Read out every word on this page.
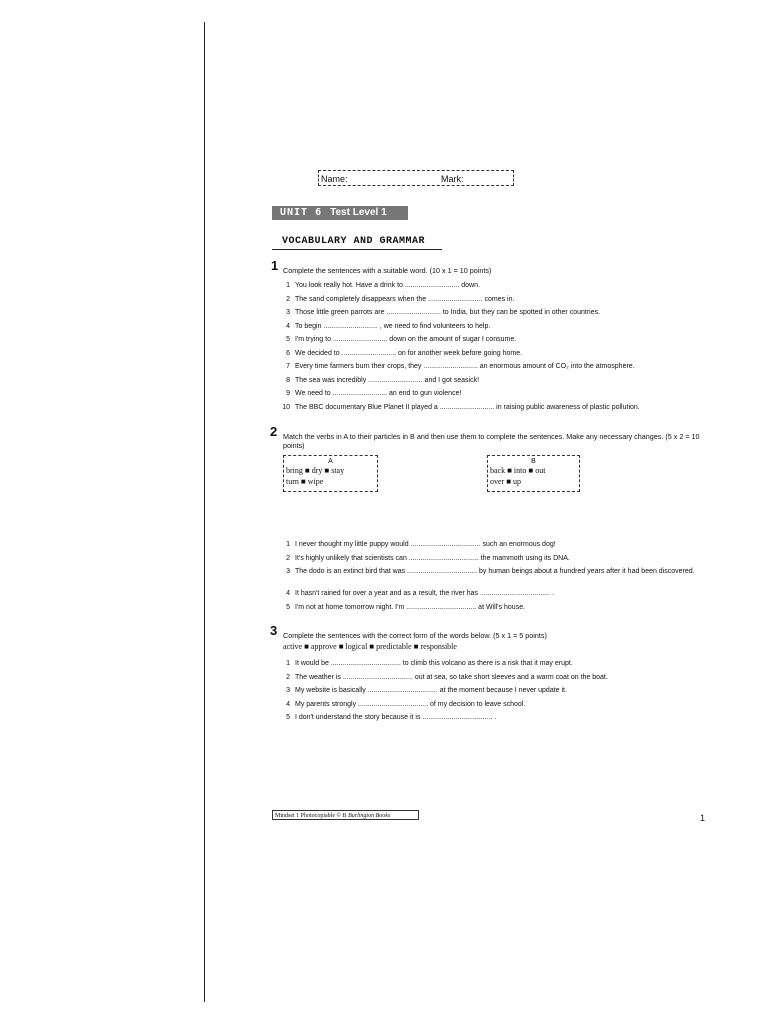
Name:	Mark:
UNIT 6 Test Level 1
VOCABULARY AND GRAMMAR
1 Complete the sentences with a suitable word. (10 x 1 = 10 points)
1 You look really hot. Have a drink to ............................ down.
2 The sand completely disappears when the ............................ comes in.
3 Those little green parrots are ............................ to India, but they can be spotted in other countries.
4 To begin ............................ , we need to find volunteers to help.
5 I'm trying to ............................ down on the amount of sugar I consume.
6 We decided to ............................ on for another week before going home.
7 Every time farmers burn their crops, they ............................ an enormous amount of CO₂ into the atmosphere.
8 The sea was incredibly ............................ and I got seasick!
9 We need to ............................ an end to gun violence!
10 The BBC documentary Blue Planet II played a ............................ in raising public awareness of plastic pollution.
2 Match the verbs in A to their particles in B and then use them to complete the sentences. Make any necessary changes. (5 x 2 = 10 points)
A
bring ■ dry ■ stay
turn ■ wipe
B
back ■ into ■ out
over ■ up
1 I never thought my little puppy would .................................... such an enormous dog!
2 It's highly unlikely that scientists can .................................... the mammoth using its DNA.
3 The dodo is an extinct bird that was .................................... by human beings about a hundred years after it had been discovered.
4 It hasn't rained for over a year and as a result, the river has .................................... .
5 I'm not at home tomorrow night. I'm .................................... at Will's house.
3 Complete the sentences with the correct form of the words below. (5 x 1 = 5 points)
active ■ approve ■ logical ■ predictable ■ responsible
1 It would be .................................... to climb this volcano as there is a risk that it may erupt.
2 The weather is .................................... out at sea, so take short sleeves and a warm coat on the boat.
3 My website is basically .................................... at the moment because I never update it.
4 My parents strongly .................................... of my decision to leave school.
5 I don't understand the story because it is .................................... .
Mindset 1 Photocopiable © B Burlington Books	1
